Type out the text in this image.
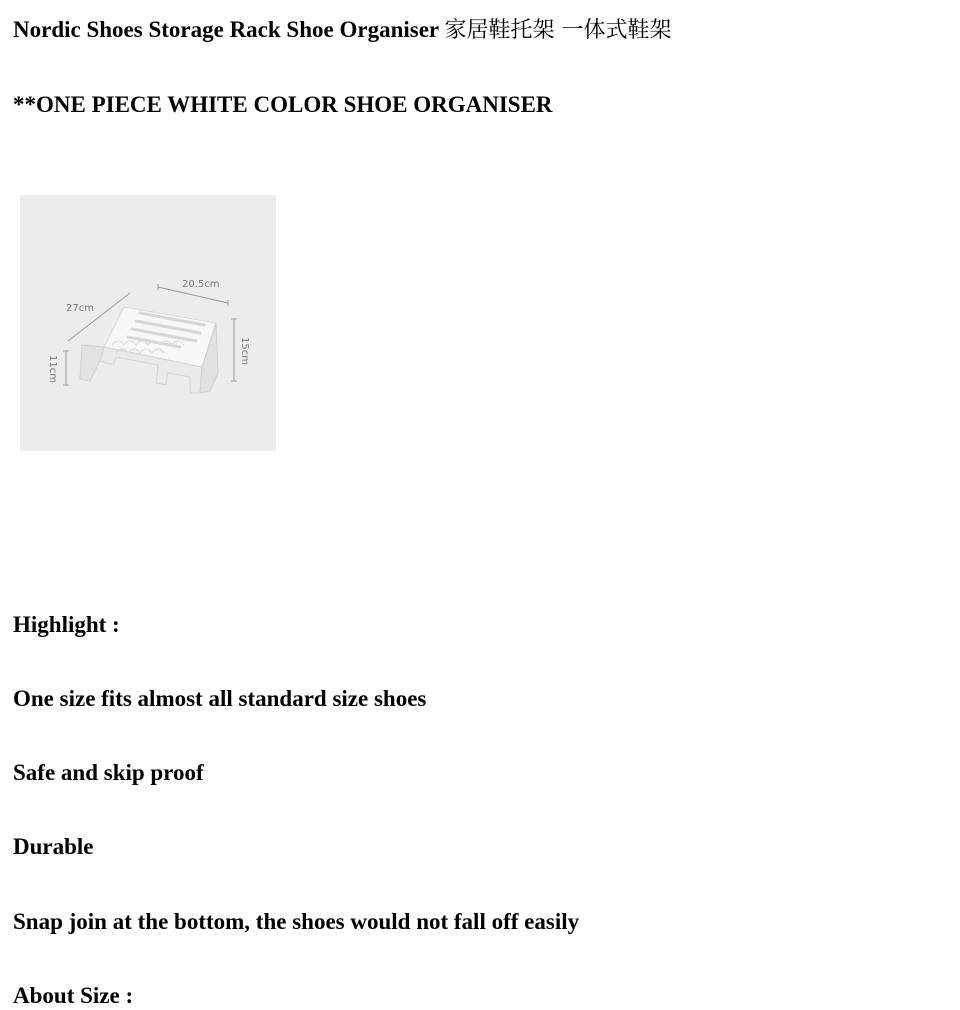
Nordic Shoes Storage Rack Shoe Organiser 家居鞋托架 一体式鞋架
**ONE PIECE WHITE COLOR SHOE ORGANISER
20.5cm
27cm
15cm
11cm
Highlight :
One size fits almost all standard size shoes
Safe and skip proof
Durable
Snap join at the bottom, the shoes would not fall off easily
About Size :
